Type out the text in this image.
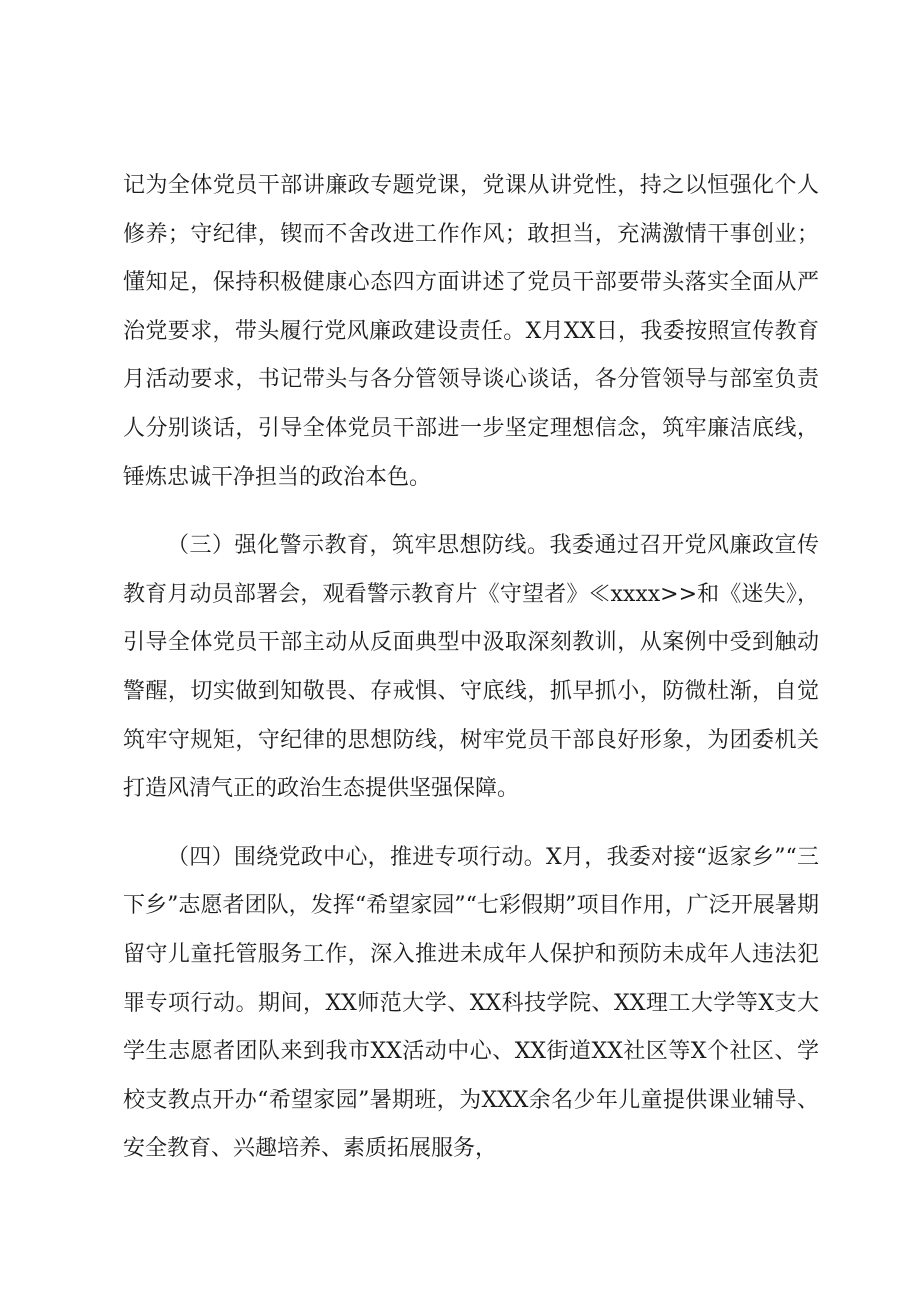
记为全体党员干部讲廉政专题党课，党课从讲党性，持之以恒强化个人修养；守纪律，锲而不舍改进工作作风；敢担当，充满激情干事创业；懂知足，保持积极健康心态四方面讲述了党员干部要带头落实全面从严治党要求，带头履行党风廉政建设责任。X月XX日，我委按照宣传教育月活动要求，书记带头与各分管领导谈心谈话，各分管领导与部室负责人分别谈话，引导全体党员干部进一步坚定理想信念，筑牢廉洁底线，锤炼忠诚干净担当的政治本色。

（三）强化警示教育，筑牢思想防线。我委通过召开党风廉政宣传教育月动员部署会，观看警示教育片《守望者》≪xxxx>>和《迷失》，引导全体党员干部主动从反面典型中汲取深刻教训，从案例中受到触动警醒，切实做到知敬畏、存戒惧、守底线，抓早抓小，防微杜渐，自觉筑牢守规矩，守纪律的思想防线，树牢党员干部良好形象，为团委机关打造风清气正的政治生态提供坚强保障。

（四）围绕党政中心，推进专项行动。X月，我委对接“返家乡”“三下乡”志愿者团队，发挥“希望家园”“七彩假期”项目作用，广泛开展暑期留守儿童托管服务工作，深入推进未成年人保护和预防未成年人违法犯罪专项行动。期间，XX师范大学、XX科技学院、XX理工大学等X支大学生志愿者团队来到我市XX活动中心、XX街道XX社区等X个社区、学校支教点开办“希望家园”暑期班，为XXX余名少年儿童提供课业辅导、安全教育、兴趣培养、素质拓展服务，
